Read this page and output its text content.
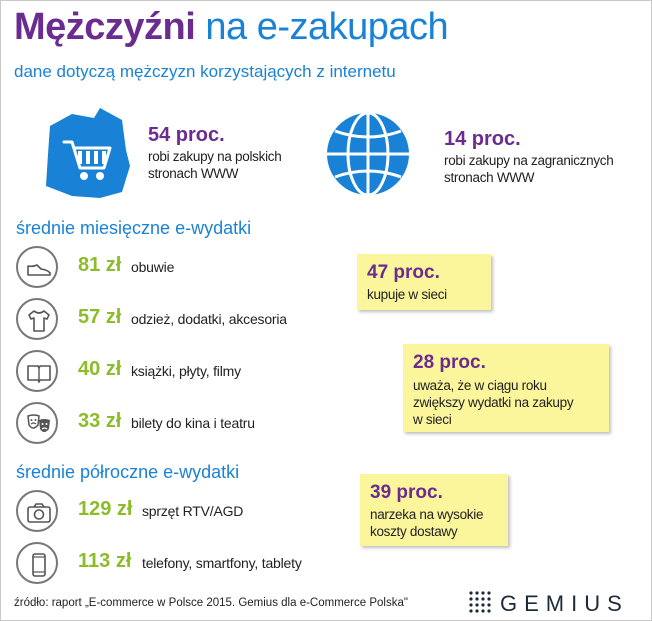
Mężczyźni na e-zakupach
dane dotyczą mężczyzn korzystających z internetu
54 proc.
robi zakupy na polskich
stronach WWW
14 proc.
robi zakupy na zagranicznych
stronach WWW
średnie miesięczne e-wydatki
81 zł obuwie
57 zł odzież, dodatki, akcesoria
40 zł książki, płyty, filmy
33 zł bilety do kina i teatru
średnie półroczne e-wydatki
129 zł sprzęt RTV/AGD
113 zł telefony, smartfony, tablety
47 proc.
kupuje w sieci
28 proc.
uważa, że w ciągu roku
zwiększy wydatki na zakupy
w sieci
39 proc.
narzeka na wysokie
koszty dostawy
źródło: raport „E-commerce w Polsce 2015. Gemius dla e-Commerce Polska"	GEMIUS
